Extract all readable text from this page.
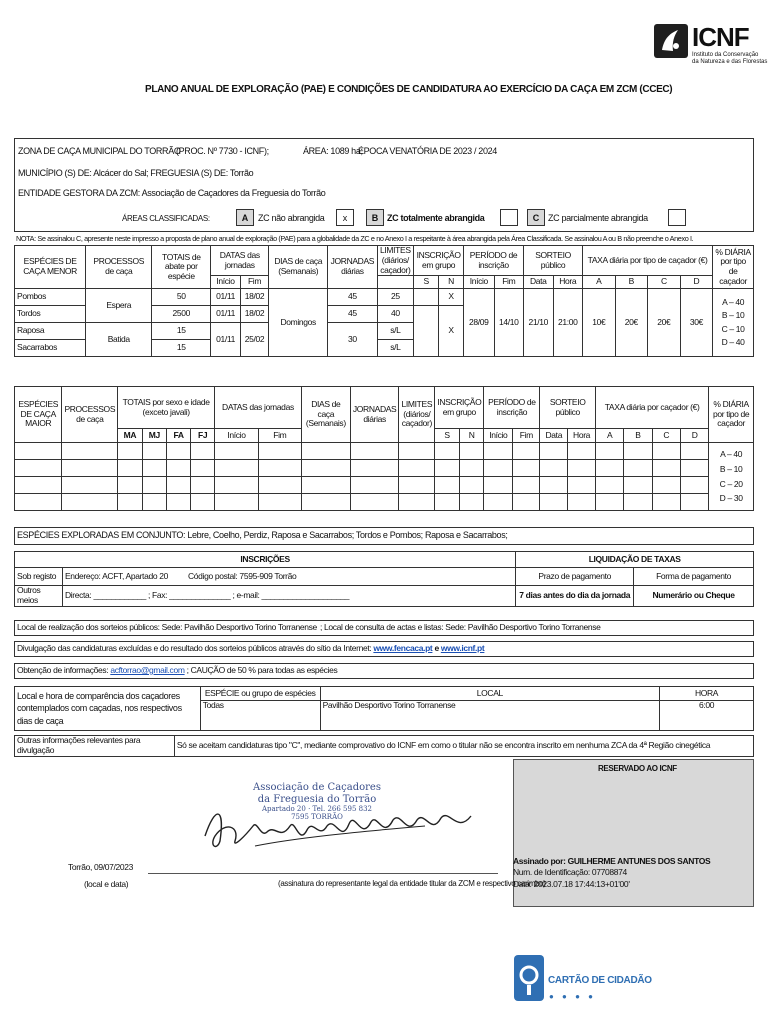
ICNF
Instituto da Conservação
da Natureza e das Florestas
PLANO ANUAL DE EXPLORAÇÃO (PAE) E CONDIÇÕES DE CANDIDATURA AO EXERCÍCIO DA CAÇA EM ZCM (CCEC)
ZONA DE CAÇA MUNICIPAL DO TORRÃO
(PROC. Nº 7730 - ICNF);	ÁREA: 1089 ha;
ÉPOCA VENATÓRIA DE 2023 / 2024
MUNICÍPIO (S) DE: Alcácer do Sal ; FREGUESIA (S) DE: Torrão
ENTIDADE GESTORA DA ZCM: Associação de Caçadores da Freguesia do Torrão
ÁREAS CLASSIFICADAS:	A	ZC não abrangida	x	B ZC totalmente abrangida	C ZC parcialmente abrangida
NOTA: Se assinalou C, apresente neste impresso a proposta de plano anual de exploração (PAE) para a globalidade da ZC e no Anexo I a respeitante à área abrangida pela Área Classificada. Se assinalou A ou B não preenche o Anexo I.
ESPÉCIES DE CAÇA MENOR	PROCESSOS de caça	TOTAIS de abate por espécie	DATAS das jornadas		DIAS de caça (Semanais)	JORNADAS diárias	LIMITES (diários/ caçador)	INSCRIÇÃO em grupo		PERÍODO de inscrição		SORTEIO público		TAXA diária por tipo de caçador (€)				% DIÁRIA por tipo de caçador
			Início	Fim				S	N	Início	Fim	Data	Hora	A	B	C	D	
Pombos	Espera	50	01/11	18/02	Domingos	45	25		X	28/09	14/10	21/10	21:00	10€	20€	20€	30€	A – 40
B – 10
C – 10
D – 40

Tordos		2500	01/11	18/02		45	40		X									
Raposa	Batida	15	01/11	25/02		30	s/L											
Sacarrabos		15					s/L											
ESPÉCIES DE CAÇA MAIOR	PROCESSOS de caça	TOTAIS por sexo e idade (exceto javali)				DATAS das jornadas		DIAS de caça (Semanais)	JORNADAS diárias	LIMITES (diários/ caçador)	INSCRIÇÃO em grupo		PERÍODO de inscrição		SORTEIO público		TAXA diária por caçador (€)				% DIÁRIA por tipo de caçador
		MA	MJ	FA	FJ	Início	Fim				S	N	Início	Fim	Data	Hora	A	B	C	D	

																					A – 40
B – 10
C – 20
D – 30

ESPÉCIES EXPLORADAS EM CONJUNTO: Lebre, Coelho, Perdiz, Raposa e Sacarrabos; Tordos e Pombos; Raposa e Sacarrabos;
INSCRIÇÕES		LIQUIDAÇÃO DE TAXAS	
Sob registo	Endereço: ACFT, Apartado 20 Código postal: 7595-909 Torrão	Prazo de pagamento	Forma de pagamento
Outros meios	Directa: ____________ ; Fax: ______________ ; e-mail: ____________________	7 dias antes do dia da jornada	Numerário ou Cheque
Local de realização dos sorteios públicos: Sede: Pavilhão Desportivo Torino Torranense ; Local de consulta de actas e listas: Sede: Pavilhão Desportivo Torino Torranense
Divulgação das candidaturas excluídas e do resultado dos sorteios públicos através do sítio da Internet: www.fencaca.pt e www.icnf.pt
Obtenção de informações: acftorrao@gmail.com ; CAUÇÃO de 50 % para todas as espécies
Local e hora de comparência dos caçadores contemplados com caçadas, nos respectivos dias de caça	ESPÉCIE ou grupo de espécies	LOCAL	HORA
	Todas	Pavilhão Desportivo Torino Torranense	6:00
Outras informações relevantes para divulgação	Só se aceitam candidaturas tipo "C", mediante comprovativo do ICNF em como o titular não se encontra inscrito em nenhuma ZCA da 4ª Região cinegética
RESERVADO AO ICNF
Associação de Caçadores
da Freguesia do Torrão
Apartado 20 · Tel. 266 595 832
7595 TORRÃO
Torrão, 09/07/2023
(local e data)	(assinatura do representante legal da entidade titular da ZCM e respectivo carimbo)
Assinado por: GUILHERME ANTUNES DOS SANTOS
Num. de Identificação: 07708874
Data: 2023.07.18 17:44:13+01'00'
CARTÃO DE CIDADÃO
● ● ● ●
